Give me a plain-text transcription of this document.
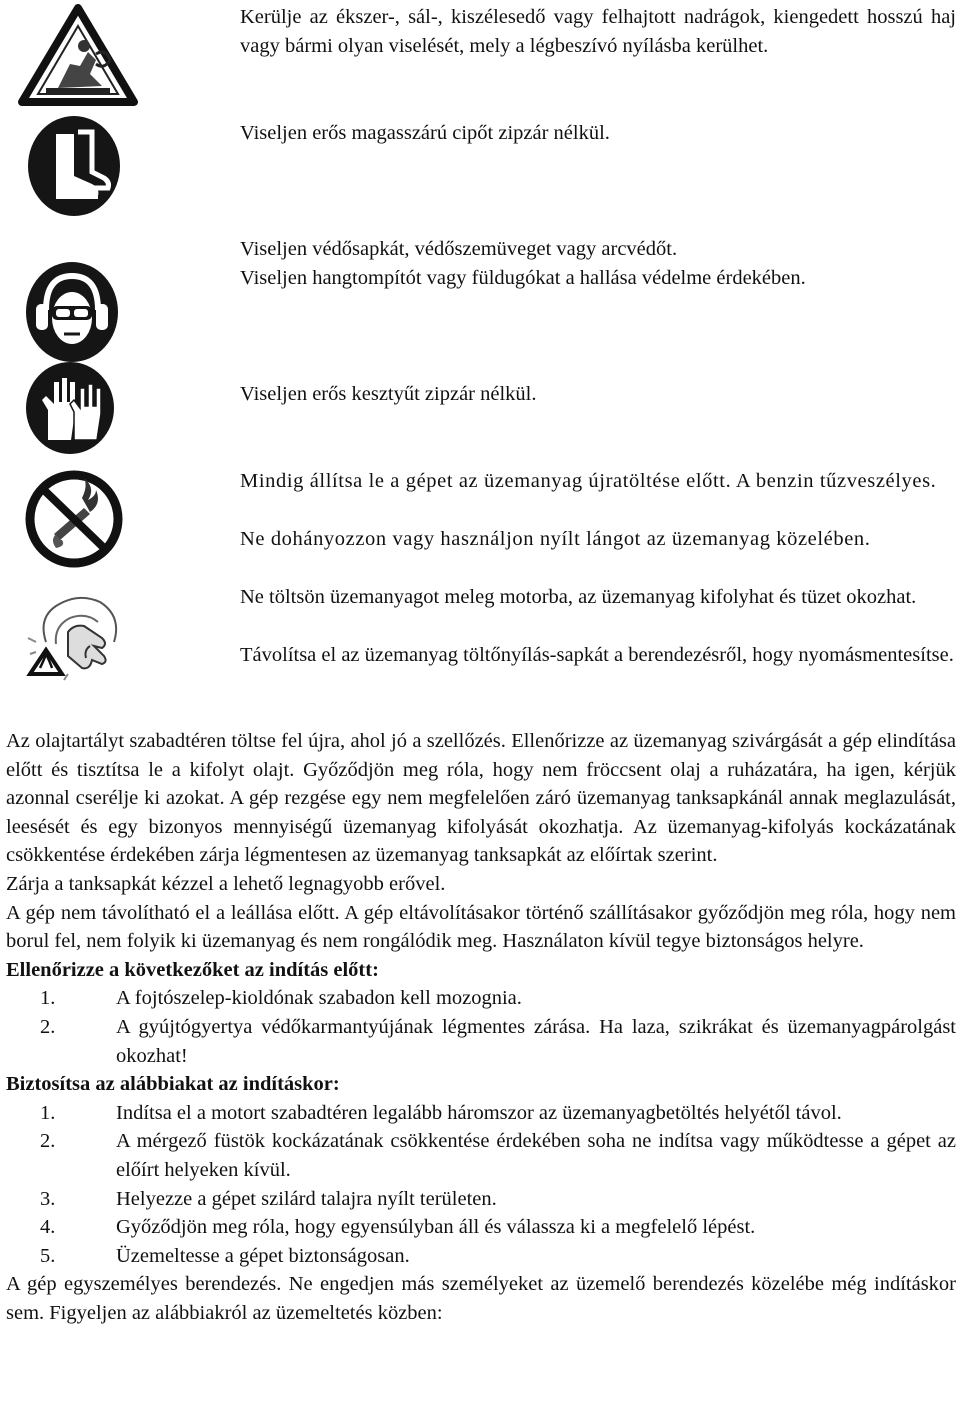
Kerülje az ékszer-, sál-, kiszélesedő vagy felhajtott nadrágok, kiengedett hosszú haj vagy bármi olyan viselését, mely a légbeszívó nyílásba kerülhet.

Viseljen erős magasszárú cipőt zipzár nélkül.

Viseljen védősapkát, védőszemüveget vagy arcvédőt.

Viseljen hangtompítót vagy füldugókat a hallása védelme érdekében.

Viseljen erős kesztyűt zipzár nélkül.

Mindig állítsa le a gépet az üzemanyag újratöltése előtt. A benzin tűzveszélyes.

Ne dohányozzon vagy használjon nyílt lángot az üzemanyag közelében.

Ne töltsön üzemanyagot meleg motorba, az üzemanyag kifolyhat és tüzet okozhat.

Távolítsa el az üzemanyag töltőnyílás-sapkát a berendezésről, hogy nyomásmentesítse.

Az olajtartályt szabadtéren töltse fel újra, ahol jó a szellőzés. Ellenőrizze az üzemanyag szivárgását a gép elindítása előtt és tisztítsa le a kifolyt olajt. Győződjön meg róla, hogy nem fröccsent olaj a ruházatára, ha igen, kérjük azonnal cserélje ki azokat. A gép rezgése egy nem megfelelően záró üzemanyag tanksapkánál annak meglazulását, leesését és egy bizonyos mennyiségű üzemanyag kifolyását okozhatja. Az üzemanyag-kifolyás kockázatának csökkentése érdekében zárja légmentesen az üzemanyag tanksapkát az előírtak szerint.

Zárja a tanksapkát kézzel a lehető legnagyobb erővel.

A gép nem távolítható el a leállása előtt. A gép eltávolításakor történő szállításakor győződjön meg róla, hogy nem borul fel, nem folyik ki üzemanyag és nem rongálódik meg. Használaton kívül tegye biztonságos helyre.

Ellenőrizze a következőket az indítás előtt:

1.	A fojtószelep-kioldónak szabadon kell mozognia.

2.	A gyújtógyertya védőkarmantyújának légmentes zárása. Ha laza, szikrákat és üzemanyagpárolgást okozhat!

Biztosítsa az alábbiakat az indításkor:

1.	Indítsa el a motort szabadtéren legalább háromszor az üzemanyagbetöltés helyétől távol.

2.	A mérgező füstök kockázatának csökkentése érdekében soha ne indítsa vagy működtesse a gépet az előírt helyeken kívül.

3.	Helyezze a gépet szilárd talajra nyílt területen.

4.	Győződjön meg róla, hogy egyensúlyban áll és válassza ki a megfelelő lépést.

5.	Üzemeltesse a gépet biztonságosan.

A gép egyszemélyes berendezés. Ne engedjen más személyeket az üzemelő berendezés közelébe még indításkor sem. Figyeljen az alábbiakról az üzemeltetés közben:
